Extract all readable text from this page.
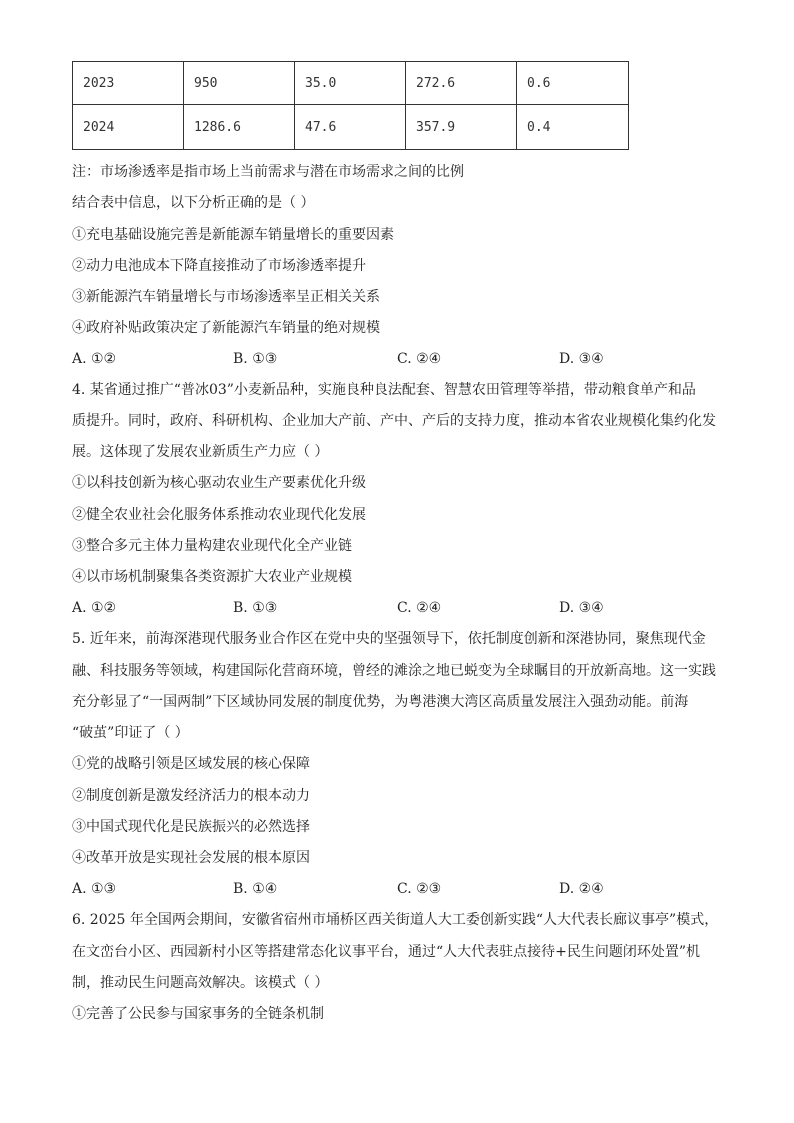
2023	950	35.0	272.6	0.6
2024	1286.6	47.6	357.9	0.4
注：市场渗透率是指市场上当前需求与潜在市场需求之间的比例
结合表中信息，以下分析正确的是（ ）
①充电基础设施完善是新能源车销量增长的重要因素
②动力电池成本下降直接推动了市场渗透率提升
③新能源汽车销量增长与市场渗透率呈正相关关系
④政府补贴政策决定了新能源汽车销量的绝对规模
A. ①②	B. ①③	C. ②④	D. ③④
4. 某省通过推广“普冰03”小麦新品种，实施良种良法配套、智慧农田管理等举措，带动粮食单产和品
质提升。同时，政府、科研机构、企业加大产前、产中、产后的支持力度，推动本省农业规模化集约化发
展。这体现了发展农业新质生产力应（ ）
①以科技创新为核心驱动农业生产要素优化升级
②健全农业社会化服务体系推动农业现代化发展
③整合多元主体力量构建农业现代化全产业链
④以市场机制聚集各类资源扩大农业产业规模
A. ①②	B. ①③	C. ②④	D. ③④
5. 近年来，前海深港现代服务业合作区在党中央的坚强领导下，依托制度创新和深港协同，聚焦现代金
融、科技服务等领域，构建国际化营商环境，曾经的滩涂之地已蜕变为全球瞩目的开放新高地。这一实践
充分彰显了“一国两制”下区域协同发展的制度优势，为粤港澳大湾区高质量发展注入强劲动能。前海
“破茧”印证了（ ）
①党的战略引领是区域发展的核心保障
②制度创新是激发经济活力的根本动力
③中国式现代化是民族振兴的必然选择
④改革开放是实现社会发展的根本原因
A. ①③	B. ①④	C. ②③	D. ②④
6. 2025 年全国两会期间，安徽省宿州市埇桥区西关街道人大工委创新实践“人大代表长廊议事亭”模式，
在文峦台小区、西园新村小区等搭建常态化议事平台，通过“人大代表驻点接待+民生问题闭环处置”机
制，推动民生问题高效解决。该模式（ ）
①完善了公民参与国家事务的全链条机制
